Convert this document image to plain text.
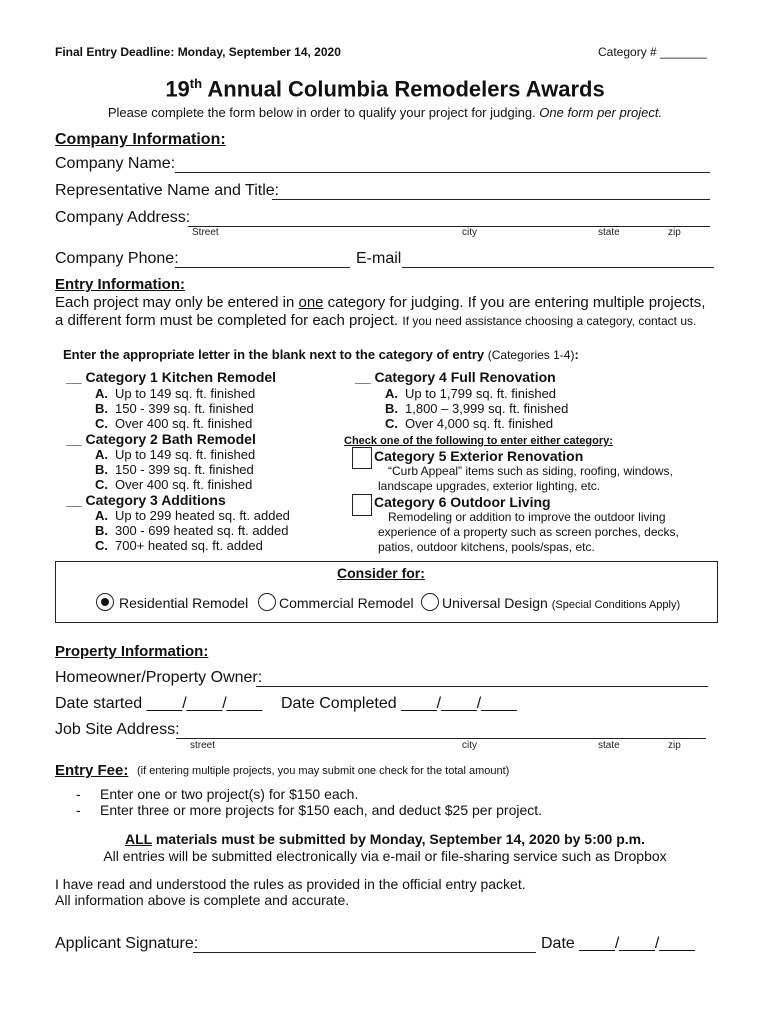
Final Entry Deadline: Monday, September 14, 2020	Category # _______
19th Annual Columbia Remodelers Awards
Please complete the form below in order to qualify your project for judging. One form per project.
Company Information:
Company Name:
Representative Name and Title:
Company Address:
Street	city	state	zip
Company Phone:	E-mail
Entry Information:
Each project may only be entered in one category for judging. If you are entering multiple projects,
a different form must be completed for each project. If you need assistance choosing a category, contact us.
Enter the appropriate letter in the blank next to the category of entry (Categories 1-4):
__ Category 1 Kitchen Remodel
A. Up to 149 sq. ft. finished
B. 150 - 399 sq. ft. finished
C. Over 400 sq. ft. finished
__ Category 2 Bath Remodel
A. Up to 149 sq. ft. finished
B. 150 - 399 sq. ft. finished
C. Over 400 sq. ft. finished
__ Category 3 Additions
A. Up to 299 heated sq. ft. added
B. 300 - 699 heated sq. ft. added
C. 700+ heated sq. ft. added
__ Category 4 Full Renovation
A. Up to 1,799 sq. ft. finished
B. 1,800 – 3,999 sq. ft. finished
C. Over 4,000 sq. ft. finished
Check one of the following to enter either category:
Category 5 Exterior Renovation
“Curb Appeal” items such as siding, roofing, windows,
landscape upgrades, exterior lighting, etc.
Category 6 Outdoor Living
Remodeling or addition to improve the outdoor living
experience of a property such as screen porches, decks,
patios, outdoor kitchens, pools/spas, etc.
Consider for:
Residential Remodel Commercial Remodel Universal Design (Special Conditions Apply)
Property Information:
Homeowner/Property Owner:
Date started ____/____/____ Date Completed ____/____/____
Job Site Address:
street	city	state	zip
Entry Fee: (if entering multiple projects, you may submit one check for the total amount)
- Enter one or two project(s) for $150 each.
- Enter three or more projects for $150 each, and deduct $25 per project.
ALL materials must be submitted by Monday, September 14, 2020 by 5:00 p.m.
All entries will be submitted electronically via e-mail or file-sharing service such as Dropbox
I have read and understood the rules as provided in the official entry packet.
All information above is complete and accurate.
Applicant Signature:	Date ____/____/____
